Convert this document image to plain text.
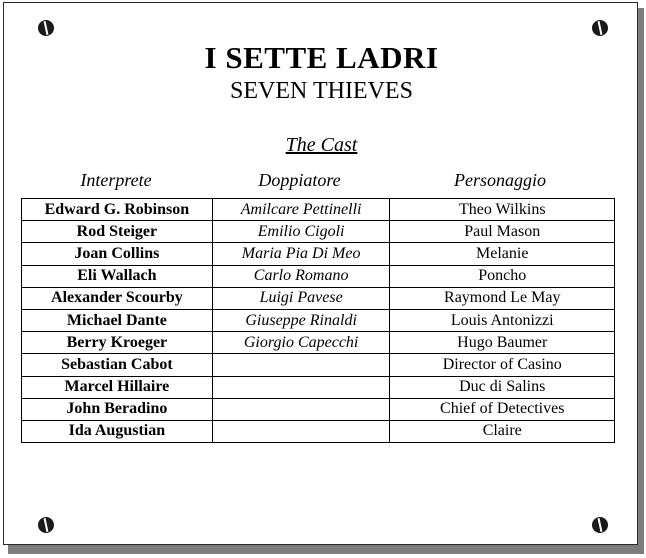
I SETTE LADRI
SEVEN THIEVES
The Cast
Interprete	Doppiatore	Personaggio
Edward G. Robinson	Amilcare Pettinelli	Theo Wilkins
Rod Steiger	Emilio Cigoli	Paul Mason
Joan Collins	Maria Pia Di Meo	Melanie
Eli Wallach	Carlo Romano	Poncho
Alexander Scourby	Luigi Pavese	Raymond Le May
Michael Dante	Giuseppe Rinaldi	Louis Antonizzi
Berry Kroeger	Giorgio Capecchi	Hugo Baumer
Sebastian Cabot		Director of Casino
Marcel Hillaire		Duc di Salins
John Beradino		Chief of Detectives
Ida Augustian		Claire
